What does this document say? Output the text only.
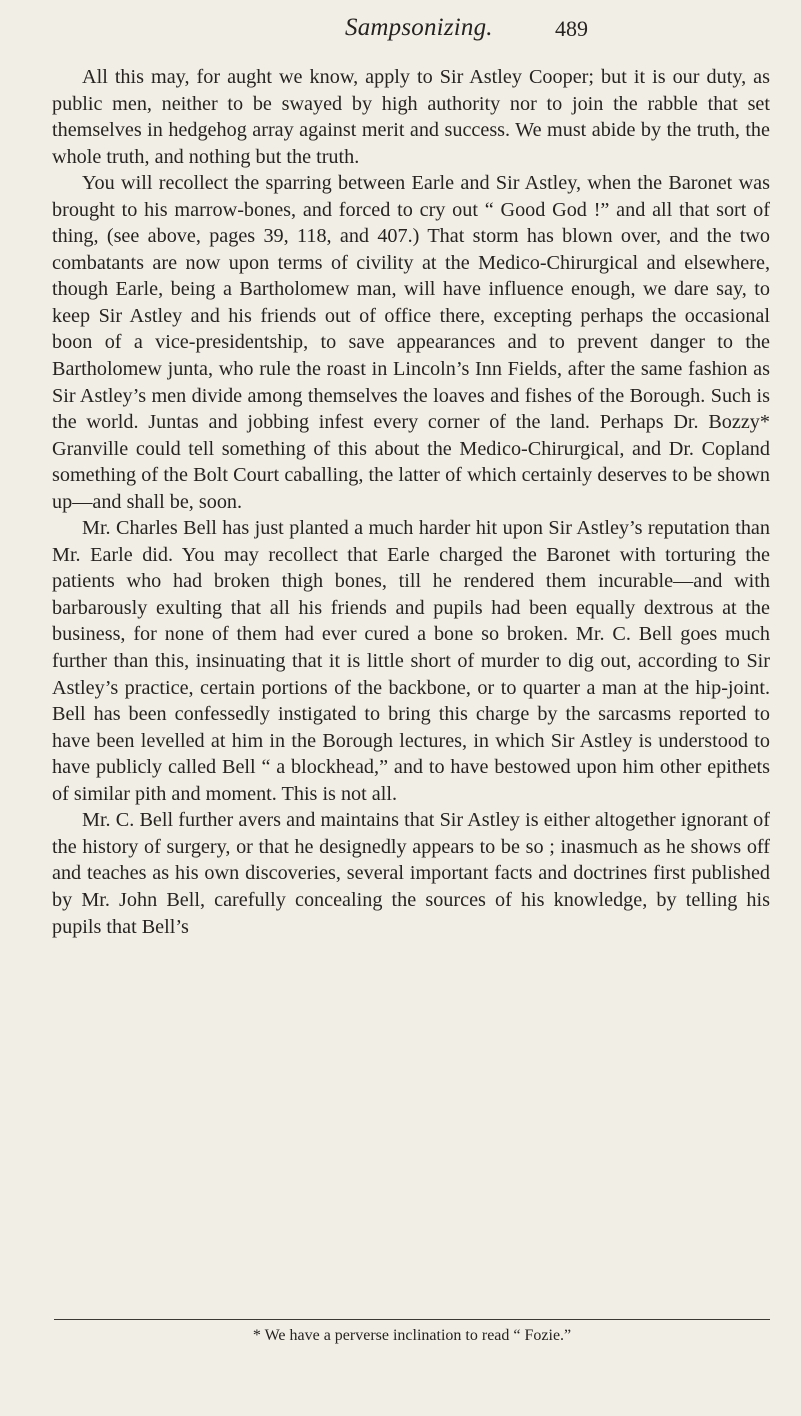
Sampsonizing.	489

All this may, for aught we know, apply to Sir Astley Cooper; but it is our duty, as public men, neither to be swayed by high authority nor to join the rabble that set themselves in hedgehog array against merit and success. We must abide by the truth, the whole truth, and nothing but the truth.

You will recollect the sparring between Earle and Sir Astley, when the Baronet was brought to his marrow-bones, and forced to cry out “ Good God !” and all that sort of thing, (see above, pages 39, 118, and 407.) That storm has blown over, and the two combatants are now upon terms of civility at the Medico-Chirurgical and elsewhere, though Earle, being a Bartholomew man, will have influence enough, we dare say, to keep Sir Astley and his friends out of office there, excepting perhaps the occasional boon of a vice-presidentship, to save appearances and to prevent danger to the Bartholomew junta, who rule the roast in Lincoln’s Inn Fields, after the same fashion as Sir Astley’s men divide among themselves the loaves and fishes of the Borough. Such is the world. Juntas and jobbing infest every corner of the land. Perhaps Dr. Bozzy* Granville could tell something of this about the Medico-Chirurgical, and Dr. Copland something of the Bolt Court caballing, the latter of which certainly deserves to be shown up—and shall be, soon.

Mr. Charles Bell has just planted a much harder hit upon Sir Astley’s reputation than Mr. Earle did. You may recollect that Earle charged the Baronet with torturing the patients who had broken thigh bones, till he rendered them incurable—and with barbarously exulting that all his friends and pupils had been equally dextrous at the business, for none of them had ever cured a bone so broken. Mr. C. Bell goes much further than this, insinuating that it is little short of murder to dig out, according to Sir Astley’s practice, certain portions of the backbone, or to quarter a man at the hip-joint. Bell has been confessedly instigated to bring this charge by the sarcasms reported to have been levelled at him in the Borough lectures, in which Sir Astley is understood to have publicly called Bell “ a blockhead,” and to have bestowed upon him other epithets of similar pith and moment. This is not all.

Mr. C. Bell further avers and maintains that Sir Astley is either altogether ignorant of the history of surgery, or that he designedly appears to be so ; inasmuch as he shows off and teaches as his own discoveries, several important facts and doctrines first published by Mr. John Bell, carefully concealing the sources of his knowledge, by telling his pupils that Bell’s

* We have a perverse inclination to read “ Fozie.”
